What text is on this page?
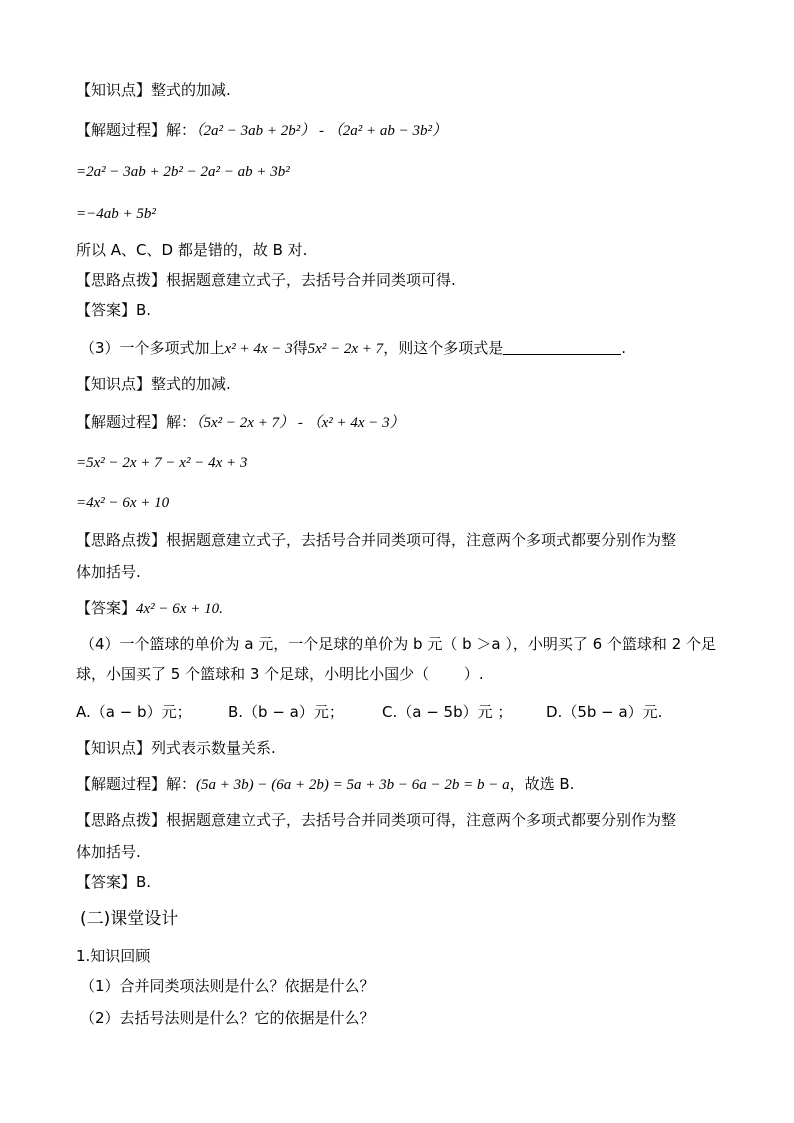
【知识点】整式的加减.
【解题过程】解：（2a² − 3ab + 2b²） - （2a² + ab − 3b²）
=2a² − 3ab + 2b² − 2a² − ab + 3b²
=−4ab + 5b²
所以 A、C、D 都是错的，故 B 对.
【思路点拨】根据题意建立式子，去括号合并同类项可得.
【答案】B.
（3）一个多项式加上x² + 4x − 3得5x² − 2x + 7，则这个多项式是	.
【知识点】整式的加减.
【解题过程】解：（5x² − 2x + 7） - （x² + 4x − 3）
=5x² − 2x + 7 − x² − 4x + 3
=4x² − 6x + 10
【思路点拨】根据题意建立式子，去括号合并同类项可得，注意两个多项式都要分别作为整
体加括号.
【答案】4x² − 6x + 10.
（4）一个篮球的单价为 a 元，一个足球的单价为 b 元（ b ＞a ），小明买了 6 个篮球和 2 个足
球，小国买了 5 个篮球和 3 个足球，小明比小国少（　　 ）.
A.（a − b）元； B.（b − a）元；	C.（a − 5b）元 ； D.（5b − a）元.
【知识点】列式表示数量关系.
【解题过程】解：(5a + 3b) − (6a + 2b) = 5a + 3b − 6a − 2b = b − a，故选 B.
【思路点拨】根据题意建立式子，去括号合并同类项可得，注意两个多项式都要分别作为整
体加括号.
【答案】B.
(二)课堂设计
1.知识回顾
（1）合并同类项法则是什么？依据是什么？
（2）去括号法则是什么？它的依据是什么？
